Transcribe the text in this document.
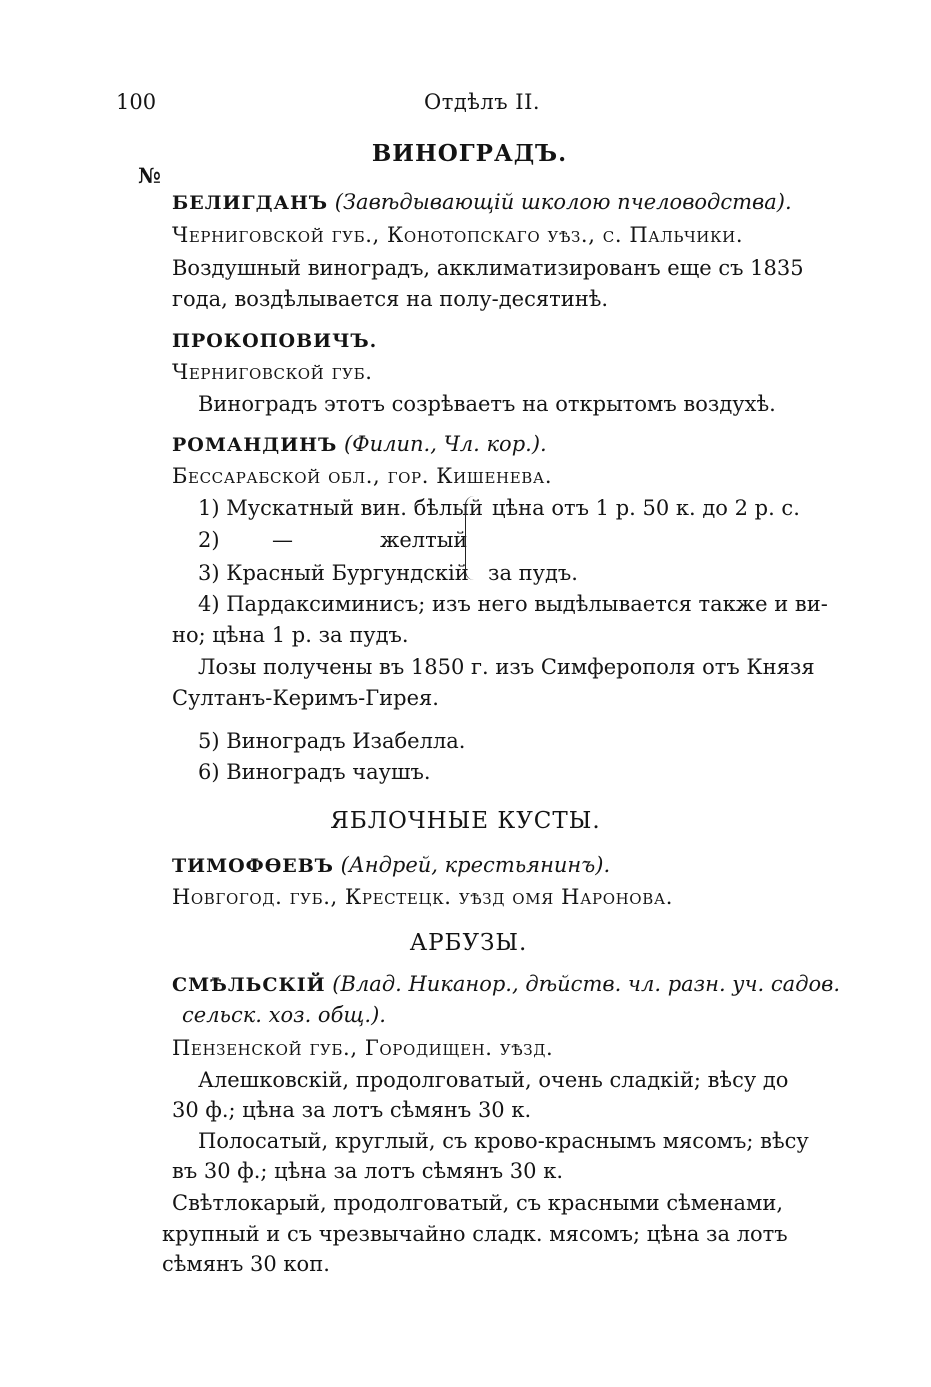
100	Отдѣлъ II.
ВИНОГРАДЪ.
№
БЕЛИГДАНЪ (Завѣдывающій школою пчеловодства).
Черниговской губ., Конотопскаго уѣз., с. Пальчики.
Воздушный виноградъ, акклиматизированъ еще съ 1835
года, воздѣлывается на полу-десятинѣ.
ПРОКОПОВИЧЪ.
Черниговской губ.
Виноградъ этотъ созрѣваетъ на открытомъ воздухѣ.
РОМАНДИНЪ (Филип., Чл. кор.).
Бессарабской обл., гор. Кишенева.
1) Мускатный вин. бѣлый
2) —	желтый
3) Красный Бургундскій
цѣна отъ 1 р. 50 к. до 2 р. с.
за пудъ.
4) Пардаксиминисъ; изъ него выдѣлывается также и ви-
но; цѣна 1 р. за пудъ.
Лозы получены въ 1850 г. изъ Симферополя отъ Князя
Султанъ-Керимъ-Гирея.
5) Виноградъ Изабелла.
6) Виноградъ чаушъ.
ЯБЛОЧНЫЕ КУСТЫ.
ТИМОФѲЕВЪ (Андрей, крестьянинъ).
Новгогод. губ., Крестецк. уѣзд омя Наронова.
АРБУЗЫ.
СМѢЛЬСКІЙ (Влад. Никанор., дѣйств. чл. разн. уч. садов.
сельск. хоз. общ.).
Пензенской губ., Городищен. уѣзд.
Алешковскій, продолговатый, очень сладкій; вѣсу до
30 ф.; цѣна за лотъ сѣмянъ 30 к.
Полосатый, круглый, съ крово-краснымъ мясомъ; вѣсу
въ 30 ф.; цѣна за лотъ сѣмянъ 30 к.
Свѣтлокарый, продолговатый, съ красными сѣменами,
крупный и съ чрезвычайно сладк. мясомъ; цѣна за лотъ
сѣмянъ 30 коп.
